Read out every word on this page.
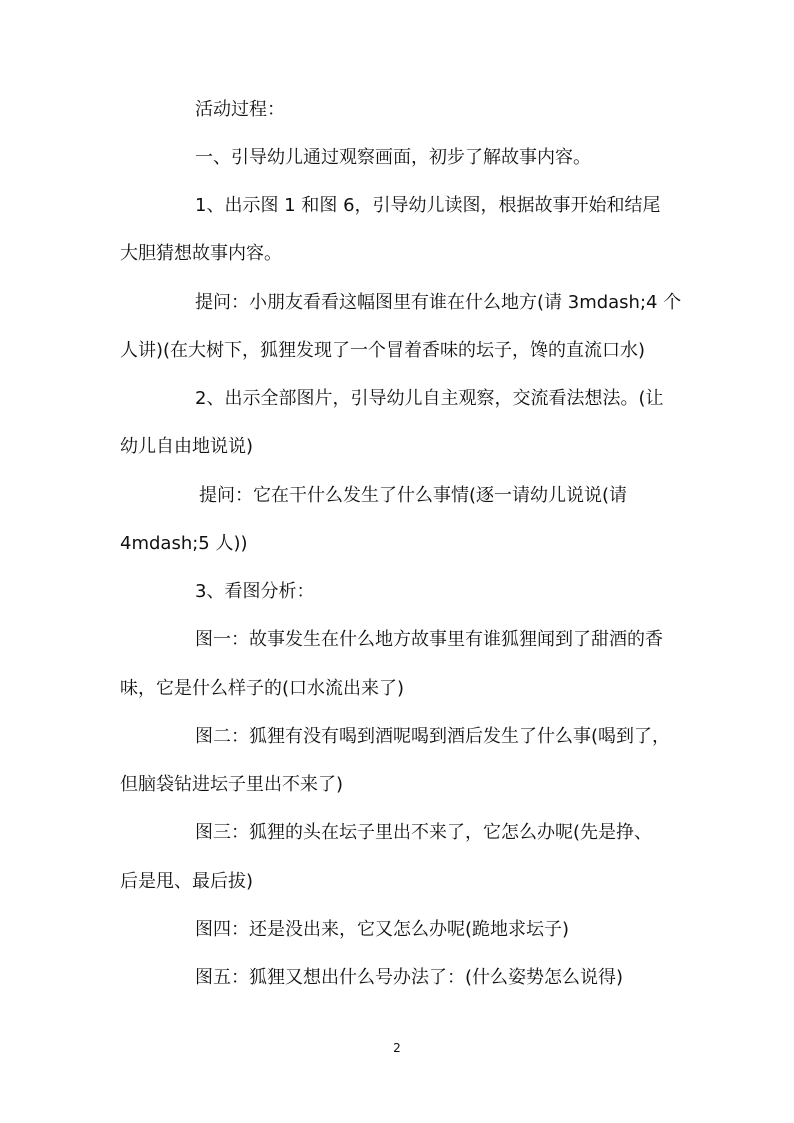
活动过程：
一、引导幼儿通过观察画面，初步了解故事内容。
1、出示图 1 和图 6，引导幼儿读图，根据故事开始和结尾
大胆猜想故事内容。
提问：小朋友看看这幅图里有谁在什么地方(请 3mdash;4 个
人讲)(在大树下，狐狸发现了一个冒着香味的坛子，馋的直流口水)
2、出示全部图片，引导幼儿自主观察，交流看法想法。(让
幼儿自由地说说)
提问：它在干什么发生了什么事情(逐一请幼儿说说(请
4mdash;5 人))
3、看图分析：
图一：故事发生在什么地方故事里有谁狐狸闻到了甜酒的香
味，它是什么样子的(口水流出来了)
图二：狐狸有没有喝到酒呢喝到酒后发生了什么事(喝到了，
但脑袋钻进坛子里出不来了)
图三：狐狸的头在坛子里出不来了，它怎么办呢(先是挣、
后是甩、最后拔)
图四：还是没出来，它又怎么办呢(跪地求坛子)
图五：狐狸又想出什么号办法了：(什么姿势怎么说得)
2
